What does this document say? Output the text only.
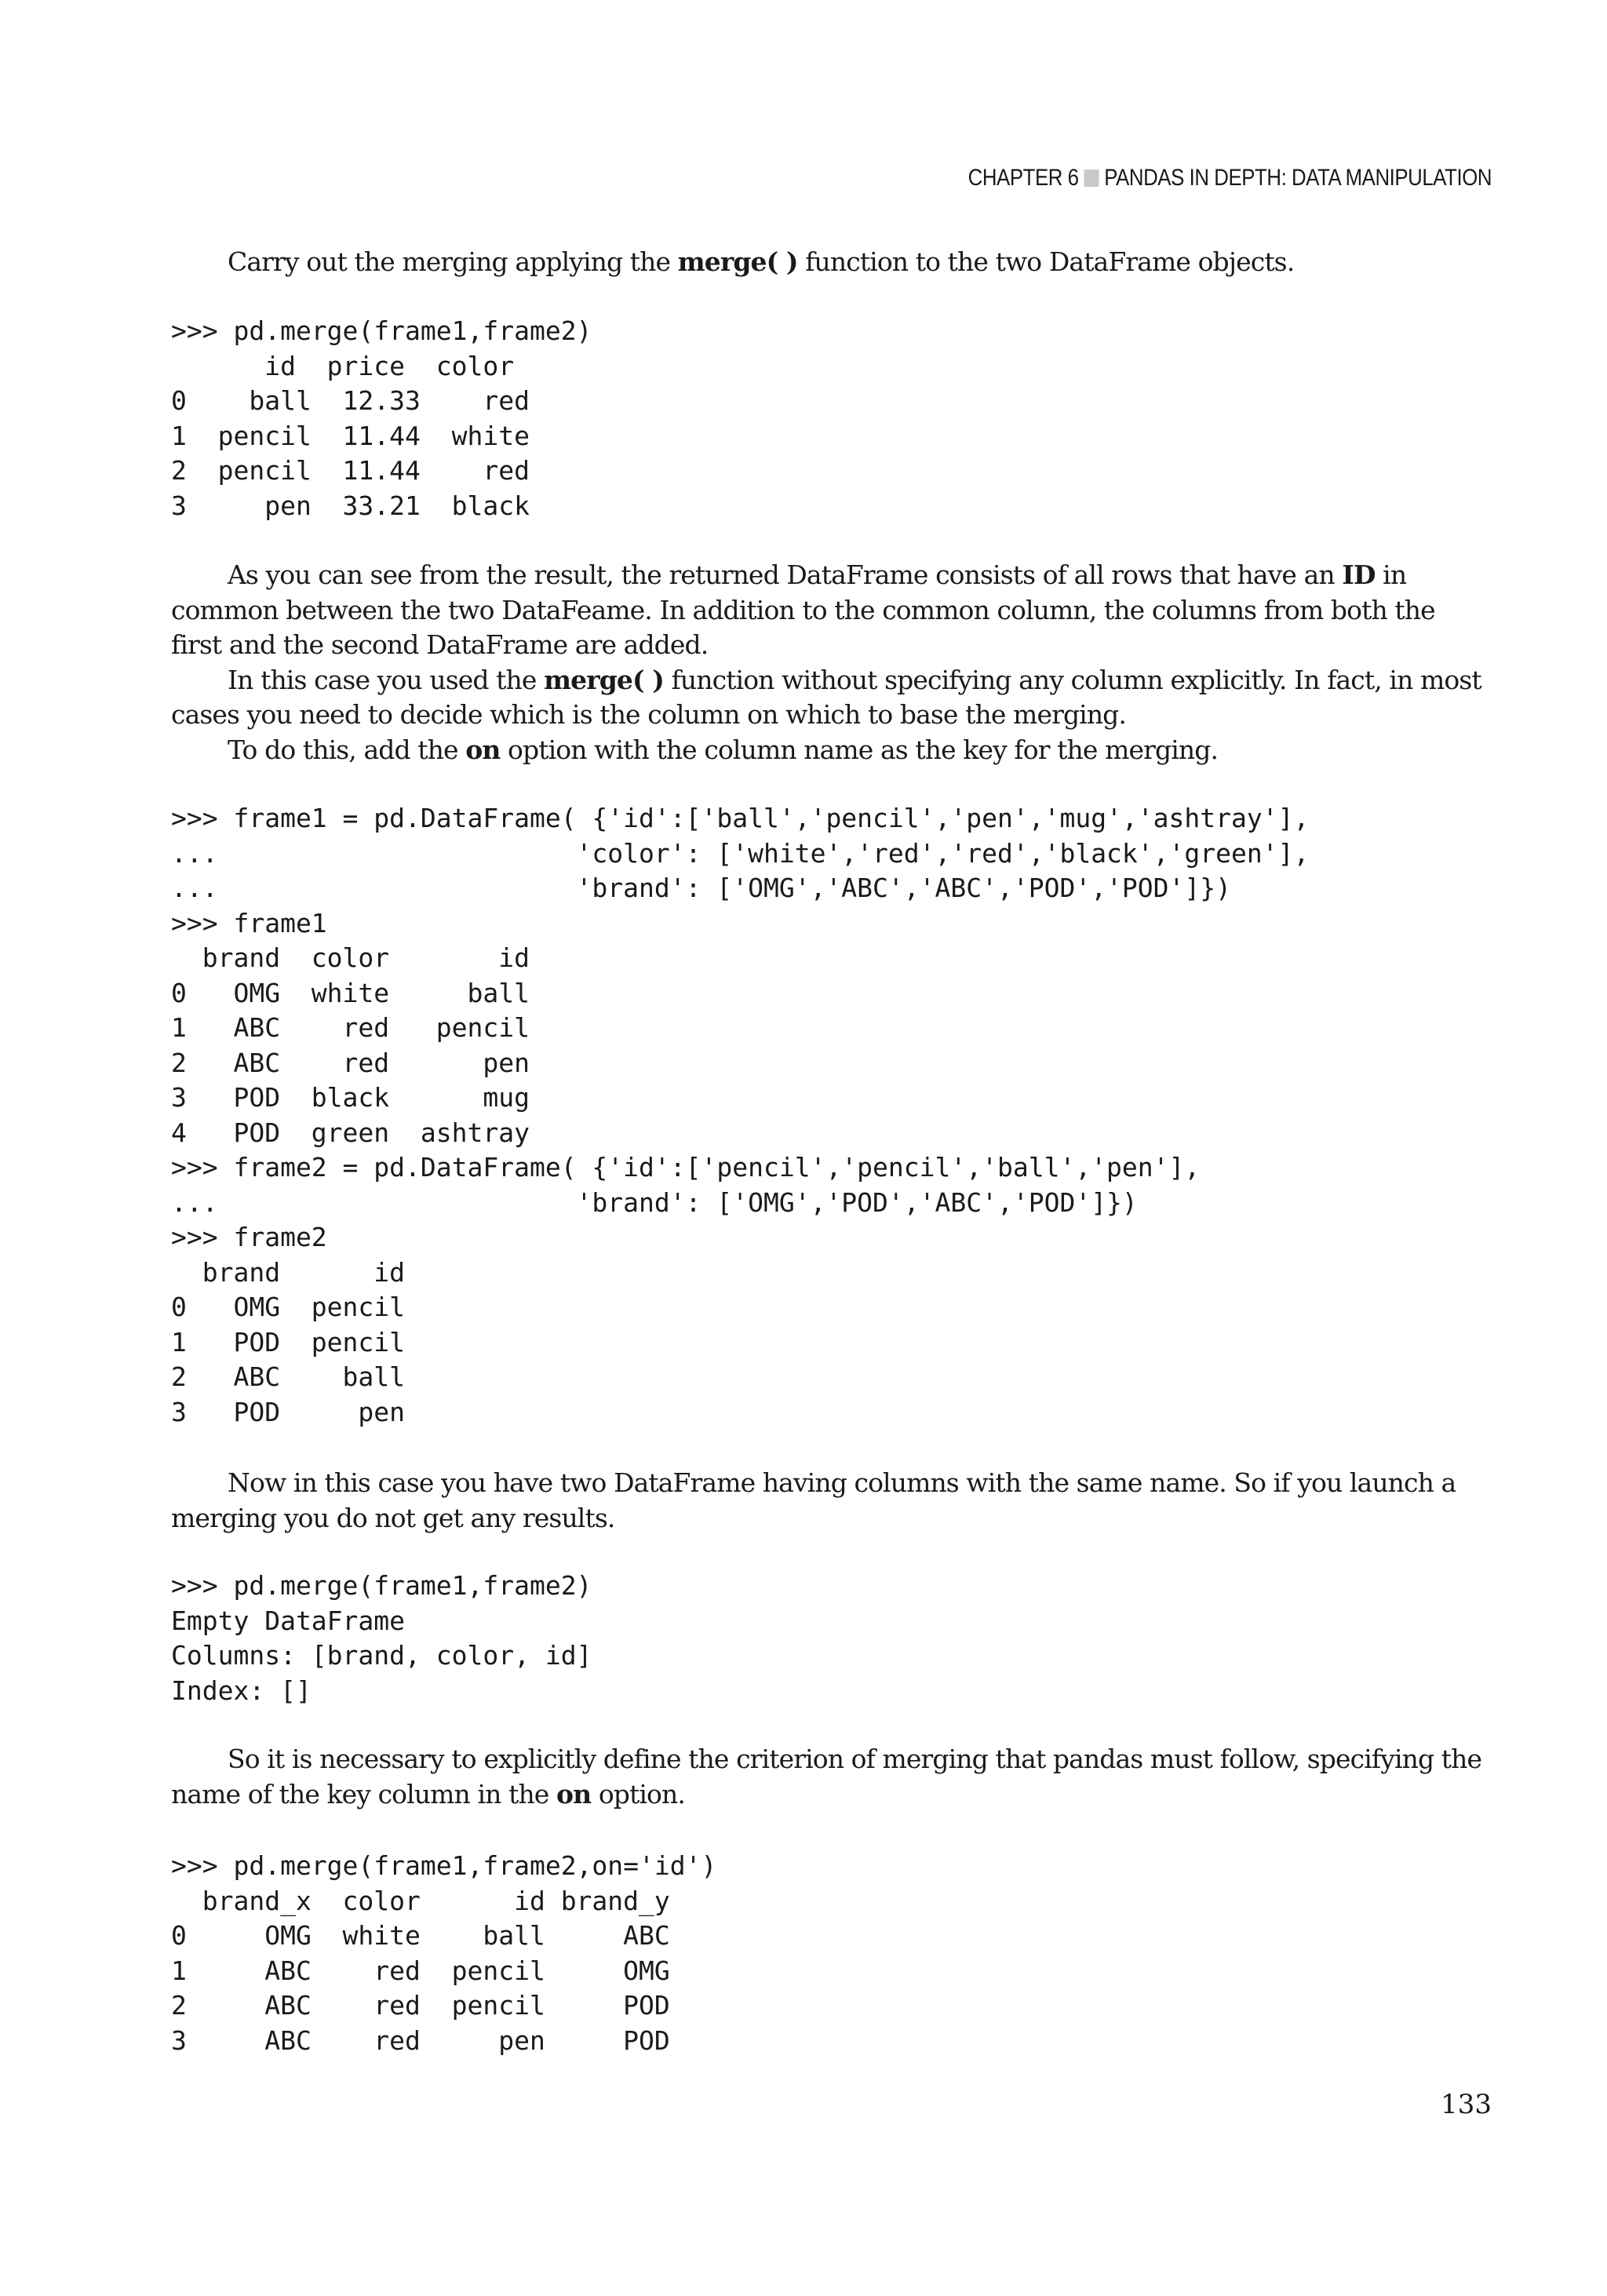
CHAPTER 6 PANDAS IN DEPTH: DATA MANIPULATION

Carry out the merging applying the merge( ) function to the two DataFrame objects.

>>> pd.merge(frame1,frame2)
id  price  color
0    ball  12.33    red
1  pencil  11.44  white
2  pencil  11.44    red
3     pen  33.21  black

As you can see from the result, the returned DataFrame consists of all rows that have an ID in common between the two DataFeame. In addition to the common column, the columns from both the first and the second DataFrame are added.

In this case you used the merge( ) function without specifying any column explicitly. In fact, in most cases you need to decide which is the column on which to base the merging.

To do this, add the on option with the column name as the key for the merging.

>>> frame1 = pd.DataFrame( {'id':['ball','pencil','pen','mug','ashtray'],
...                       'color': ['white','red','red','black','green'],
...                       'brand': ['OMG','ABC','ABC','POD','POD']})
>>> frame1
brand  color       id
0   OMG  white     ball
1   ABC    red   pencil
2   ABC    red      pen
3   POD  black      mug
4   POD  green  ashtray
>>> frame2 = pd.DataFrame( {'id':['pencil','pencil','ball','pen'],
...                       'brand': ['OMG','POD','ABC','POD']})
>>> frame2
brand      id
0   OMG  pencil
1   POD  pencil
2   ABC    ball
3   POD     pen

Now in this case you have two DataFrame having columns with the same name. So if you launch a merging you do not get any results.

>>> pd.merge(frame1,frame2)
Empty DataFrame
Columns: [brand, color, id]
Index: []

So it is necessary to explicitly define the criterion of merging that pandas must follow, specifying the name of the key column in the on option.

>>> pd.merge(frame1,frame2,on='id')
brand_x  color      id brand_y
0     OMG  white    ball     ABC
1     ABC    red  pencil     OMG
2     ABC    red  pencil     POD
3     ABC    red     pen     POD
133
